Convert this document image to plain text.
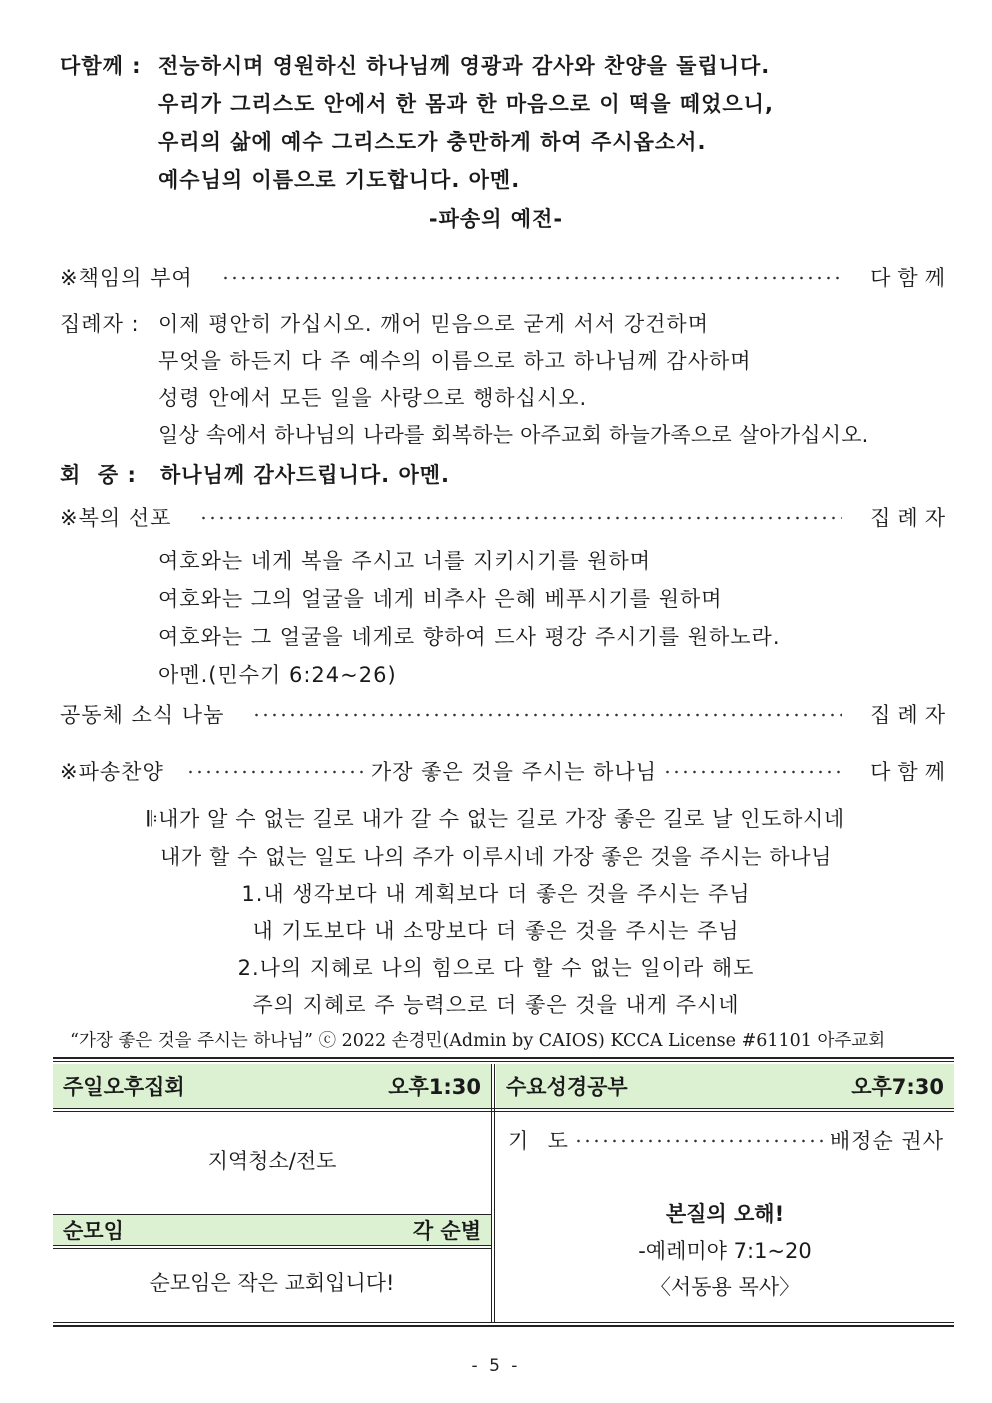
다함께 : 전능하시며 영원하신 하나님께 영광과 감사와 찬양을 돌립니다.
우리가 그리스도 안에서 한 몸과 한 마음으로 이 떡을 떼었으니,
우리의 삶에 예수 그리스도가 충만하게 하여 주시옵소서.
예수님의 이름으로 기도합니다. 아멘.
-파송의 예전-
※책임의 부여	다함께
집례자 : 이제 평안히 가십시오. 깨어 믿음으로 굳게 서서 강건하며
무엇을 하든지 다 주 예수의 이름으로 하고 하나님께 감사하며
성령 안에서 모든 일을 사랑으로 행하십시오.
일상 속에서 하나님의 나라를 회복하는 아주교회 하늘가족으로 살아가십시오.
회  중 : 하나님께 감사드립니다. 아멘.
※복의 선포	집례자
여호와는 네게 복을 주시고 너를 지키시기를 원하며
여호와는 그의 얼굴을 네게 비추사 은혜 베푸시기를 원하며
여호와는 그 얼굴을 네게로 향하여 드사 평강 주시기를 원하노라.
아멘.(민수기 6:24~26)
공동체 소식 나눔	집례자
※파송찬양	가장 좋은 것을 주시는 하나님	다함께
𝄆내가 알 수 없는 길로 내가 갈 수 없는 길로 가장 좋은 길로 날 인도하시네
내가 할 수 없는 일도 나의 주가 이루시네 가장 좋은 것을 주시는 하나님
1.내 생각보다 내 계획보다 더 좋은 것을 주시는 주님
내 기도보다 내 소망보다 더 좋은 것을 주시는 주님
2.나의 지혜로 나의 힘으로 다 할 수 없는 일이라 해도
주의 지혜로 주 능력으로 더 좋은 것을 내게 주시네
“가장 좋은 것을 주시는 하나님” ⓒ 2022 손경민(Admin by CAIOS) KCCA License #61101 아주교회
주일오후집회	오후1:30 수요성경공부	오후7:30
지역청소/전도
순모임	각 순별
순모임은 작은 교회입니다!
기  도	배정순 권사
본질의 오해!
-예레미야 7:1~20
〈서동용 목사〉
- 5 -
